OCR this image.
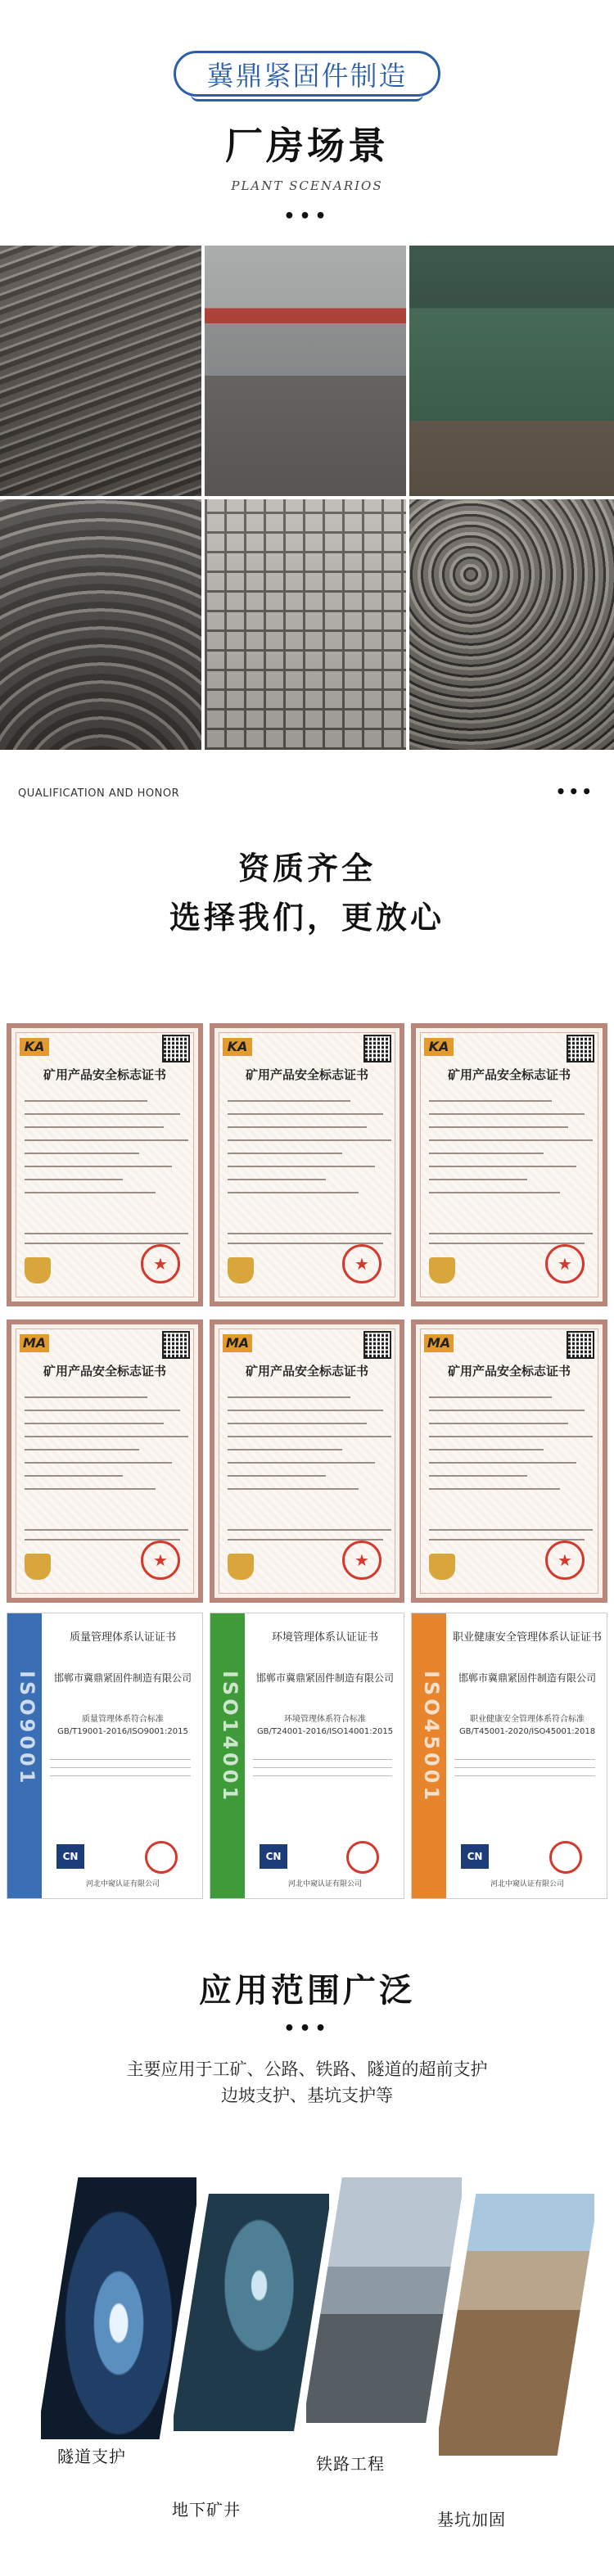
冀鼎紧固件制造
厂房场景
PLANT SCENARIOS
•••
QUALIFICATION AND HONOR	•••
资质齐全
选择我们，更放心
KA
矿用产品安全标志证书
★
KA
矿用产品安全标志证书
★
KA
矿用产品安全标志证书
★
MA
矿用产品安全标志证书
★
MA
矿用产品安全标志证书
★
MA
矿用产品安全标志证书
★
ISO9001
质量管理体系认证证书
邯郸市冀鼎紧固件制造有限公司
质量管理体系符合标准
GB/T19001-2016/ISO9001:2015
CN
河北中窥认证有限公司
ISO14001
环境管理体系认证证书
邯郸市冀鼎紧固件制造有限公司
环境管理体系符合标准
GB/T24001-2016/ISO14001:2015
CN
河北中窥认证有限公司
ISO45001
职业健康安全管理体系认证证书
邯郸市冀鼎紧固件制造有限公司
职业健康安全管理体系符合标准
GB/T45001-2020/ISO45001:2018
CN
河北中窥认证有限公司
应用范围广泛
•••
主要应用于工矿、公路、铁路、隧道的超前支护
边坡支护、基坑支护等
隧道支护
地下矿井
铁路工程
基坑加固
